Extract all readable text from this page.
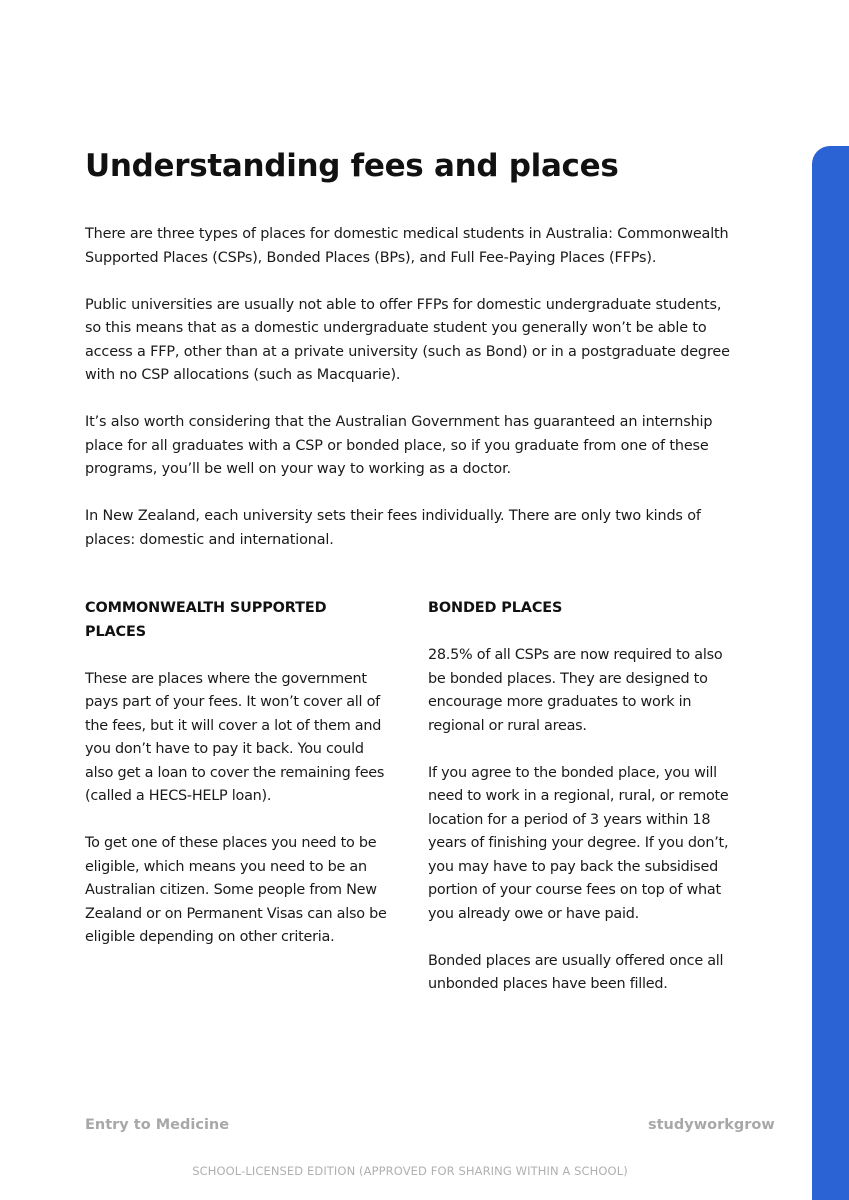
Understanding fees and places

There are three types of places for domestic medical students in Australia: Commonwealth Supported Places (CSPs), Bonded Places (BPs), and Full Fee-Paying Places (FFPs).

Public universities are usually not able to offer FFPs for domestic undergraduate students, so this means that as a domestic undergraduate student you generally won’t be able to access a FFP, other than at a private university (such as Bond) or in a postgraduate degree with no CSP allocations (such as Macquarie).

It’s also worth considering that the Australian Government has guaranteed an internship place for all graduates with a CSP or bonded place, so if you graduate from one of these programs, you’ll be well on your way to working as a doctor.

In New Zealand, each university sets their fees individually. There are only two kinds of places: domestic and international.

COMMONWEALTH SUPPORTED PLACES

These are places where the government pays part of your fees. It won’t cover all of the fees, but it will cover a lot of them and you don’t have to pay it back. You could also get a loan to cover the remaining fees (called a HECS-HELP loan).

To get one of these places you need to be eligible, which means you need to be an Australian citizen. Some people from New Zealand or on Permanent Visas can also be eligible depending on other criteria.

BONDED PLACES

28.5% of all CSPs are now required to also be bonded places. They are designed to encourage more graduates to work in regional or rural areas.

If you agree to the bonded place, you will need to work in a regional, rural, or remote location for a period of 3 years within 18 years of finishing your degree. If you don’t, you may have to pay back the subsidised portion of your course fees on top of what you already owe or have paid.

Bonded places are usually offered once all unbonded places have been filled.

Entry to Medicine	studyworkgrow
SCHOOL-LICENSED EDITION (APPROVED FOR SHARING WITHIN A SCHOOL)
